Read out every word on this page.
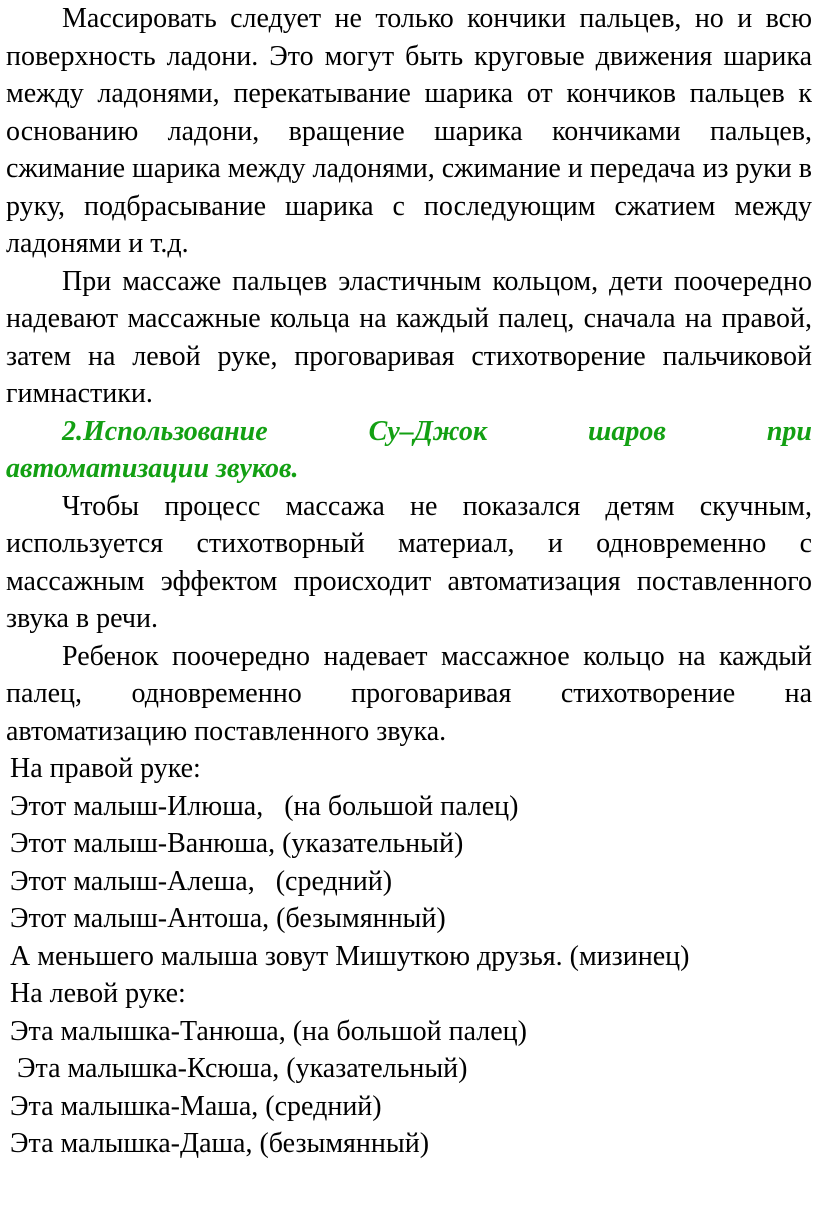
Массировать следует не только кончики пальцев, но и всю поверхность ладони. Это могут быть круговые движения шарика между ладонями, перекатывание шарика от кончиков пальцев к основанию ладони, вращение шарика кончиками пальцев, сжимание шарика между ладонями, сжимание и передача из руки в руку, подбрасывание шарика с последующим сжатием между ладонями и т.д.

При массаже пальцев эластичным кольцом, дети поочередно надевают массажные кольца на каждый палец, сначала на правой, затем на левой руке, проговаривая стихотворение пальчиковой гимнастики.

2.Использование Су–Джок шаров при
автоматизации звуков.

Чтобы процесс массажа не показался детям скучным, используется стихотворный материал, и одновременно с массажным эффектом происходит автоматизация поставленного звука в речи.

Ребенок поочередно надевает массажное кольцо на каждый палец, одновременно проговаривая стихотворение на автоматизацию поставленного звука.

На правой руке:
Этот малыш-Илюша,   (на большой палец)
Этот малыш-Ванюша, (указательный)
Этот малыш-Алеша,   (средний)
Этот малыш-Антоша, (безымянный)
А меньшего малыша зовут Мишуткою друзья. (мизинец)
На левой руке:
Эта малышка-Танюша, (на большой палец)
Эта малышка-Ксюша, (указательный)
Эта малышка-Маша, (средний)
Эта малышка-Даша, (безымянный)
